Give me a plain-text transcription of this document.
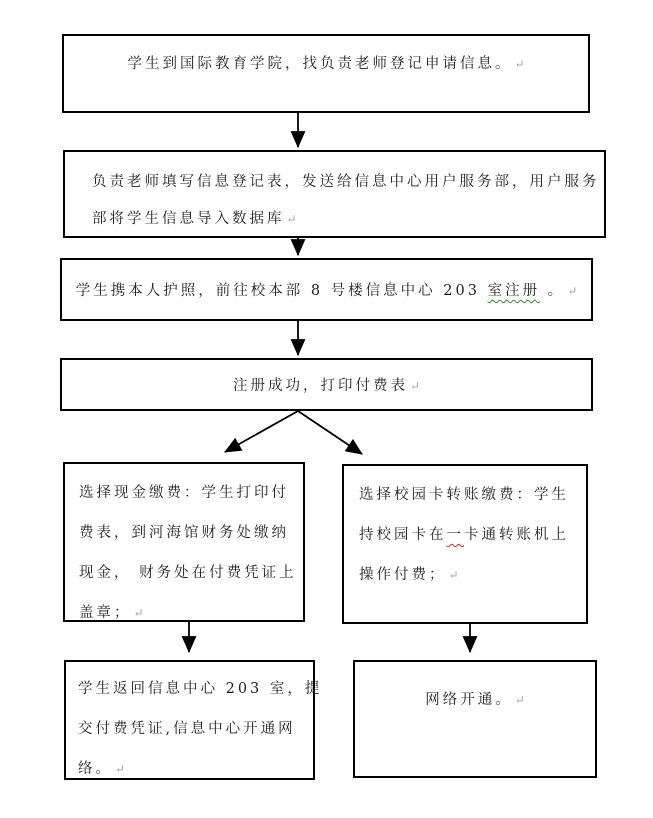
学生到国际教育学院，找负责老师登记申请信息。 ↵
负责老师填写信息登记表，发送给信息中心用户服务部，用户服务
部将学生信息导入数据库 ↵
学生携本人护照，前往校本部 8 号楼信息中心 203 室注册 。 ↵
注册成功，打印付费表 ↵
选择现金缴费：学生打印付
费表，到河海馆财务处缴纳
现金， 财务处在付费凭证上
盖章； ↵
选择校园卡转账缴费：学生
持校园卡在一卡通转账机上
操作付费； ↵
学生返回信息中心 203 室，提
交付费凭证,信息中心开通网
络。 ↵
网络开通。 ↵
